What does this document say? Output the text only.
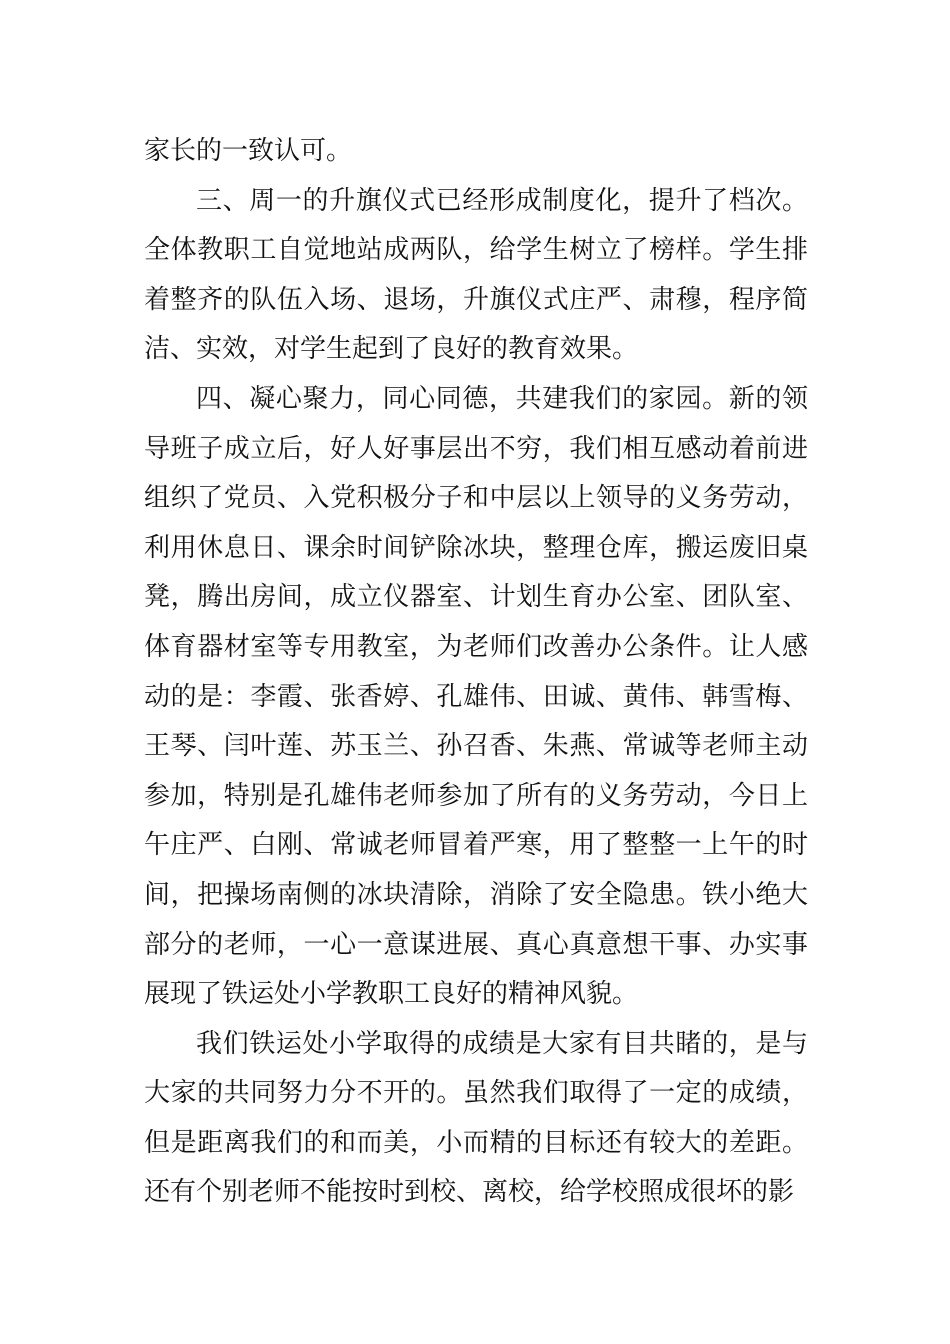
家长的一致认可。

三、周一的升旗仪式已经形成制度化，提升了档次。全体教职工自觉地站成两队，给学生树立了榜样。学生排着整齐的队伍入场、退场，升旗仪式庄严、肃穆，程序简洁、实效，对学生起到了良好的教育效果。

四、凝心聚力，同心同德，共建我们的家园。新的领导班子成立后，好人好事层出不穷，我们相互感动着前进组织了党员、入党积极分子和中层以上领导的义务劳动，利用休息日、课余时间铲除冰块，整理仓库，搬运废旧桌凳，腾出房间，成立仪器室、计划生育办公室、团队室、体育器材室等专用教室，为老师们改善办公条件。让人感动的是：李霞、张香婷、孔雄伟、田诚、黄伟、韩雪梅、王琴、闫叶莲、苏玉兰、孙召香、朱燕、常诚等老师主动参加，特别是孔雄伟老师参加了所有的义务劳动，今日上午庄严、白刚、常诚老师冒着严寒，用了整整一上午的时间，把操场南侧的冰块清除，消除了安全隐患。铁小绝大部分的老师，一心一意谋进展、真心真意想干事、办实事展现了铁运处小学教职工良好的精神风貌。

我们铁运处小学取得的成绩是大家有目共睹的，是与大家的共同努力分不开的。虽然我们取得了一定的成绩，但是距离我们的和而美，小而精的目标还有较大的差距。还有个别老师不能按时到校、离校，给学校照成很坏的影
